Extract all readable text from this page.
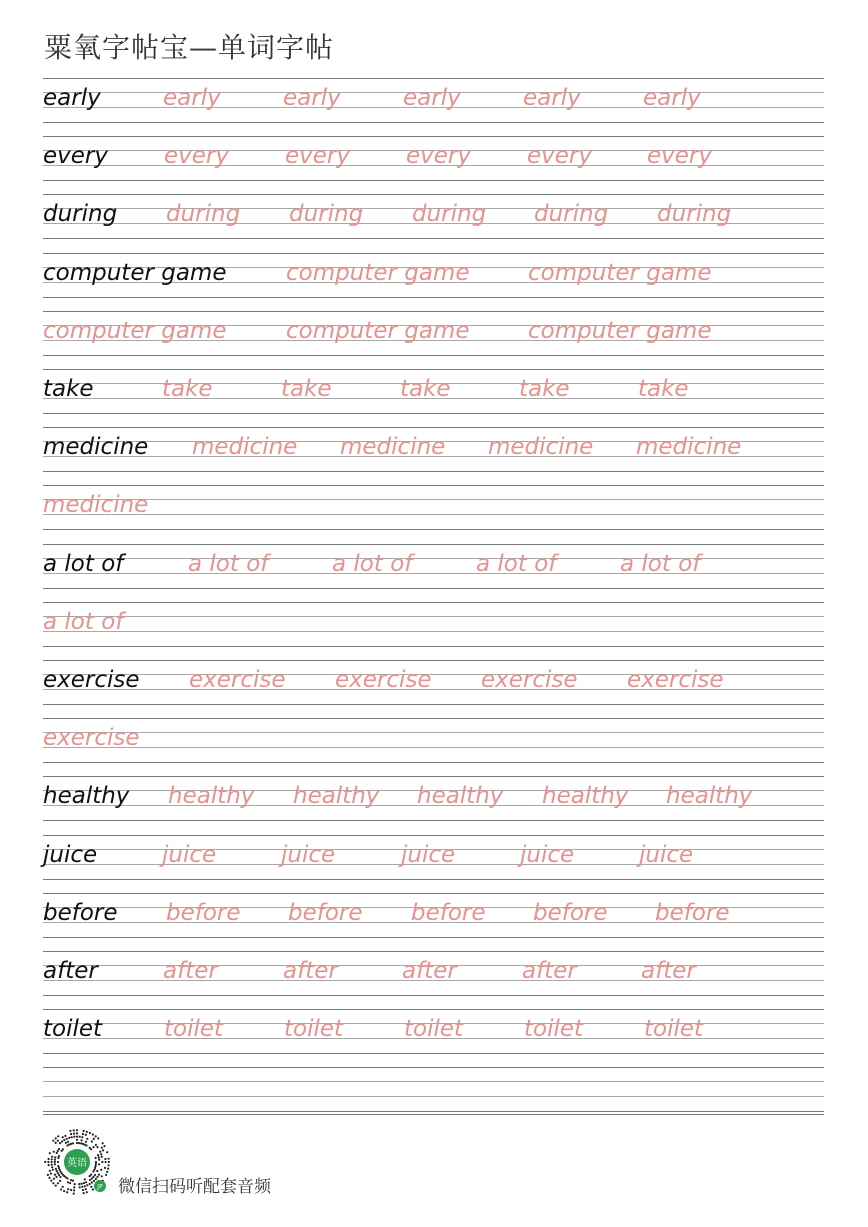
粟氧字帖宝—单词字帖
early	early	early	early	early	early
every every every every every every
during during during during during during
computer game	computer game	computer game
computer game	computer game	computer game
take	take	take	take	take	take
medicine medicine medicine medicine medicine
medicine
a lot of	a lot of	a lot of	a lot of	a lot of
a lot of
exercise exercise exercise exercise exercise
exercise
healthy healthy healthy healthy healthy healthy
juice	juice	juice	juice	juice	juice
before before before before before before
after	after	after	after	after	after
toilet	toilet	toilet	toilet	toilet	toilet
英语
JP 微信扫码听配套音频
